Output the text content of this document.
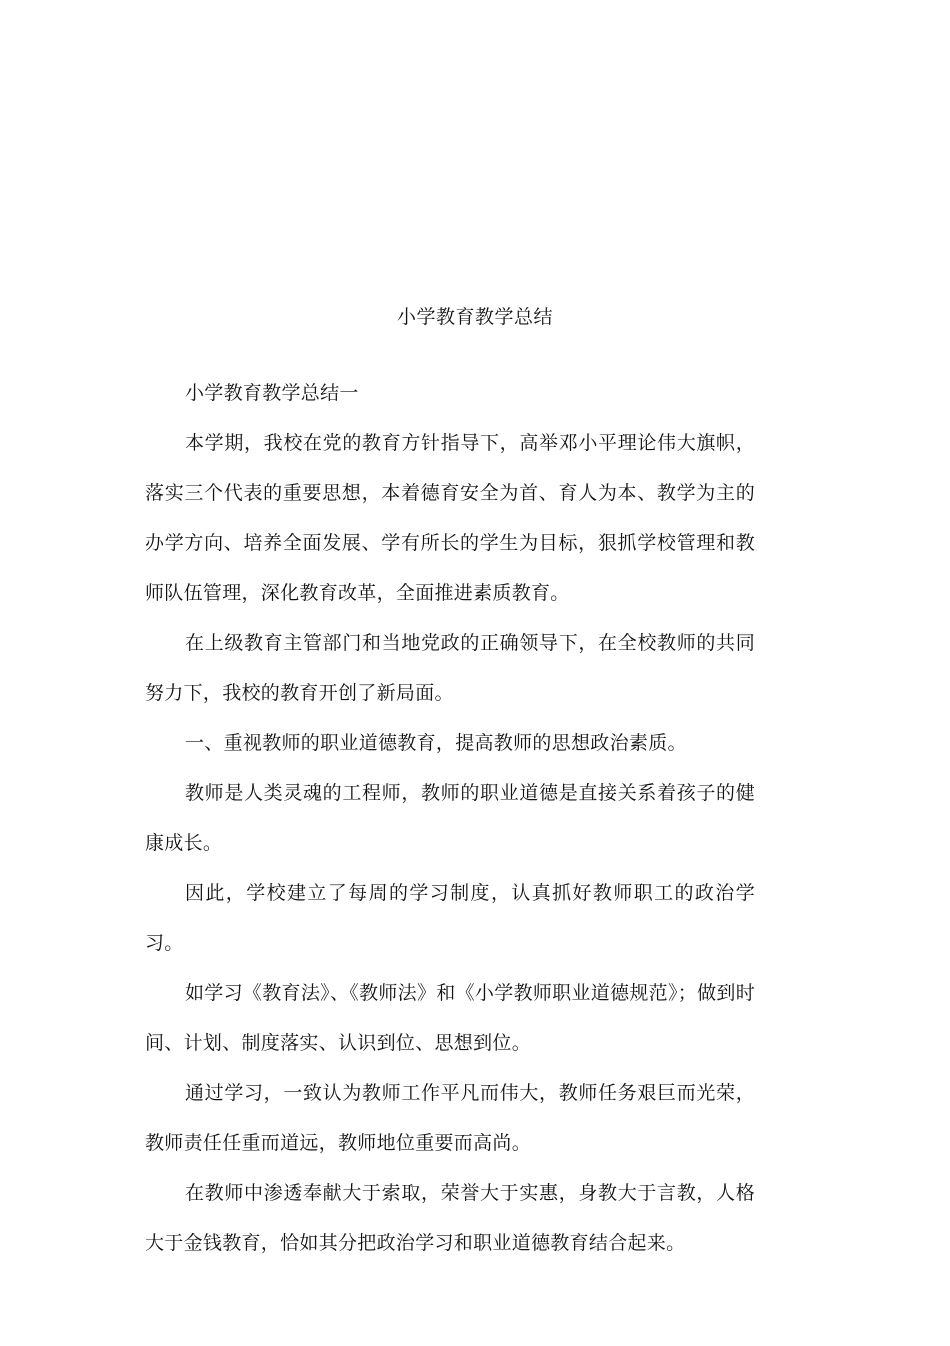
小学教育教学总结

小学教育教学总结一

本学期，我校在党的教育方针指导下，高举邓小平理论伟大旗帜，落实三个代表的重要思想，本着德育安全为首、育人为本、教学为主的办学方向、培养全面发展、学有所长的学生为目标，狠抓学校管理和教师队伍管理，深化教育改革，全面推进素质教育。

在上级教育主管部门和当地党政的正确领导下，在全校教师的共同努力下，我校的教育开创了新局面。

一、重视教师的职业道德教育，提高教师的思想政治素质。

教师是人类灵魂的工程师，教师的职业道德是直接关系着孩子的健康成长。

因此，学校建立了每周的学习制度，认真抓好教师职工的政治学习。

如学习《教育法》、《教师法》和《小学教师职业道德规范》；做到时间、计划、制度落实、认识到位、思想到位。

通过学习，一致认为教师工作平凡而伟大，教师任务艰巨而光荣，教师责任任重而道远，教师地位重要而高尚。

在教师中渗透奉献大于索取，荣誉大于实惠，身教大于言教，人格大于金钱教育，恰如其分把政治学习和职业道德教育结合起来。
